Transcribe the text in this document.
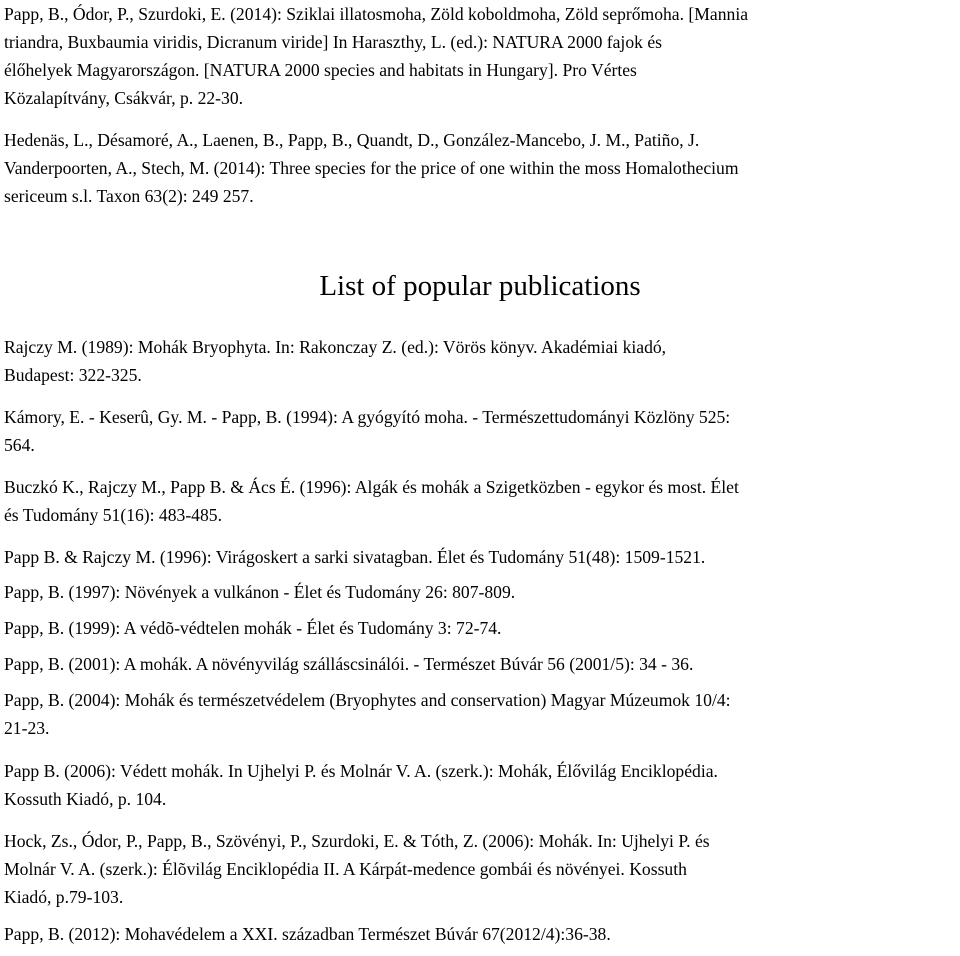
Papp, B., Ódor, P., Szurdoki, E. (2014): Sziklai illatosmoha, Zöld koboldmoha, Zöld seprőmoha. [Mannia
triandra, Buxbaumia viridis, Dicranum viride] In Haraszthy, L. (ed.): NATURA 2000 fajok és
élőhelyek Magyarországon. [NATURA 2000 species and habitats in Hungary]. Pro Vértes
Közalapítvány, Csákvár, p. 22-30.
Hedenäs, L., Désamoré, A., Laenen, B., Papp, B., Quandt, D., González-Mancebo, J. M., Patiño, J.
Vanderpoorten, A., Stech, M. (2014): Three species for the price of one within the moss Homalothecium
sericeum s.l. Taxon 63(2): 249 257.
List of popular publications
Rajczy M. (1989): Mohák Bryophyta. In: Rakonczay Z. (ed.): Vörös könyv. Akadémiai kiadó,
Budapest: 322-325.
Kámory, E. - Keserû, Gy. M. - Papp, B. (1994): A gyógyító moha. - Természettudományi Közlöny 525:
564.
Buczkó K., Rajczy M., Papp B. & Ács É. (1996): Algák és mohák a Szigetközben - egykor és most. Élet
és Tudomány 51(16): 483-485.
Papp B. & Rajczy M. (1996): Virágoskert a sarki sivatagban. Élet és Tudomány 51(48): 1509-1521.
Papp, B. (1997): Növények a vulkánon - Élet és Tudomány 26: 807-809.
Papp, B. (1999): A védõ-védtelen mohák - Élet és Tudomány 3: 72-74.
Papp, B. (2001): A mohák. A növényvilág szálláscsinálói. - Természet Búvár 56 (2001/5): 34 - 36.
Papp, B. (2004): Mohák és természetvédelem (Bryophytes and conservation) Magyar Múzeumok 10/4:
21-23.
Papp B. (2006): Védett mohák. In Ujhelyi P. és Molnár V. A. (szerk.): Mohák, Élővilág Enciklopédia.
Kossuth Kiadó, p. 104.
Hock, Zs., Ódor, P., Papp, B., Szövényi, P., Szurdoki, E. & Tóth, Z. (2006): Mohák. In: Ujhelyi P. és
Molnár V. A. (szerk.): Élõvilág Enciklopédia II. A Kárpát-medence gombái és növényei. Kossuth
Kiadó, p.79-103.
Papp, B. (2012): Mohavédelem a XXI. században Természet Búvár 67(2012/4):36-38.
